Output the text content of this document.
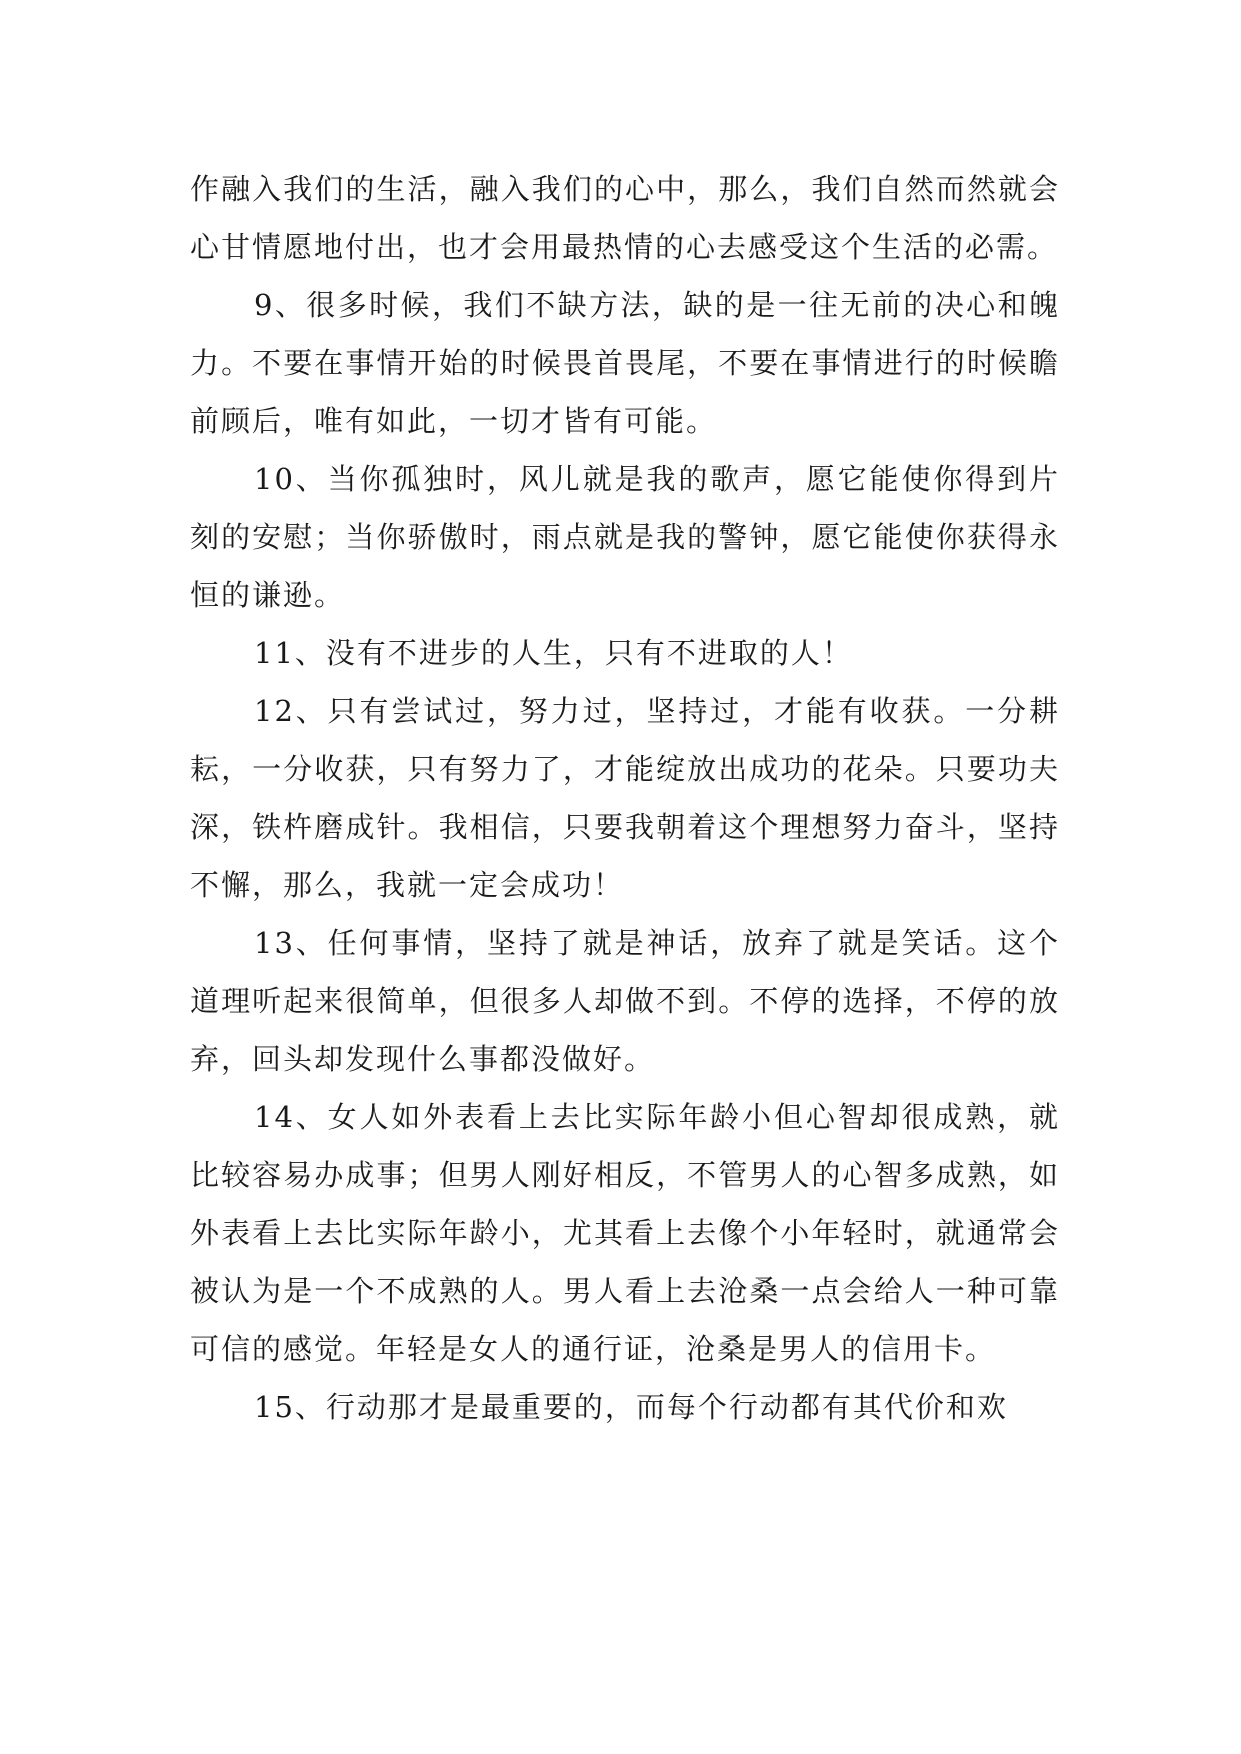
作融入我们的生活，融入我们的心中，那么，我们自然而然就会心甘情愿地付出，也才会用最热情的心去感受这个生活的必需。

9、很多时候，我们不缺方法，缺的是一往无前的决心和魄力。不要在事情开始的时候畏首畏尾，不要在事情进行的时候瞻前顾后，唯有如此，一切才皆有可能。

10、当你孤独时，风儿就是我的歌声，愿它能使你得到片刻的安慰；当你骄傲时，雨点就是我的警钟，愿它能使你获得永恒的谦逊。

11、没有不进步的人生，只有不进取的人！

12、只有尝试过，努力过，坚持过，才能有收获。一分耕耘，一分收获，只有努力了，才能绽放出成功的花朵。只要功夫深，铁杵磨成针。我相信，只要我朝着这个理想努力奋斗，坚持不懈，那么，我就一定会成功！

13、任何事情，坚持了就是神话，放弃了就是笑话。这个道理听起来很简单，但很多人却做不到。不停的选择，不停的放弃，回头却发现什么事都没做好。

14、女人如外表看上去比实际年龄小但心智却很成熟，就比较容易办成事；但男人刚好相反，不管男人的心智多成熟，如外表看上去比实际年龄小，尤其看上去像个小年轻时，就通常会被认为是一个不成熟的人。男人看上去沧桑一点会给人一种可靠可信的感觉。年轻是女人的通行证，沧桑是男人的信用卡。

15、行动那才是最重要的，而每个行动都有其代价和欢
